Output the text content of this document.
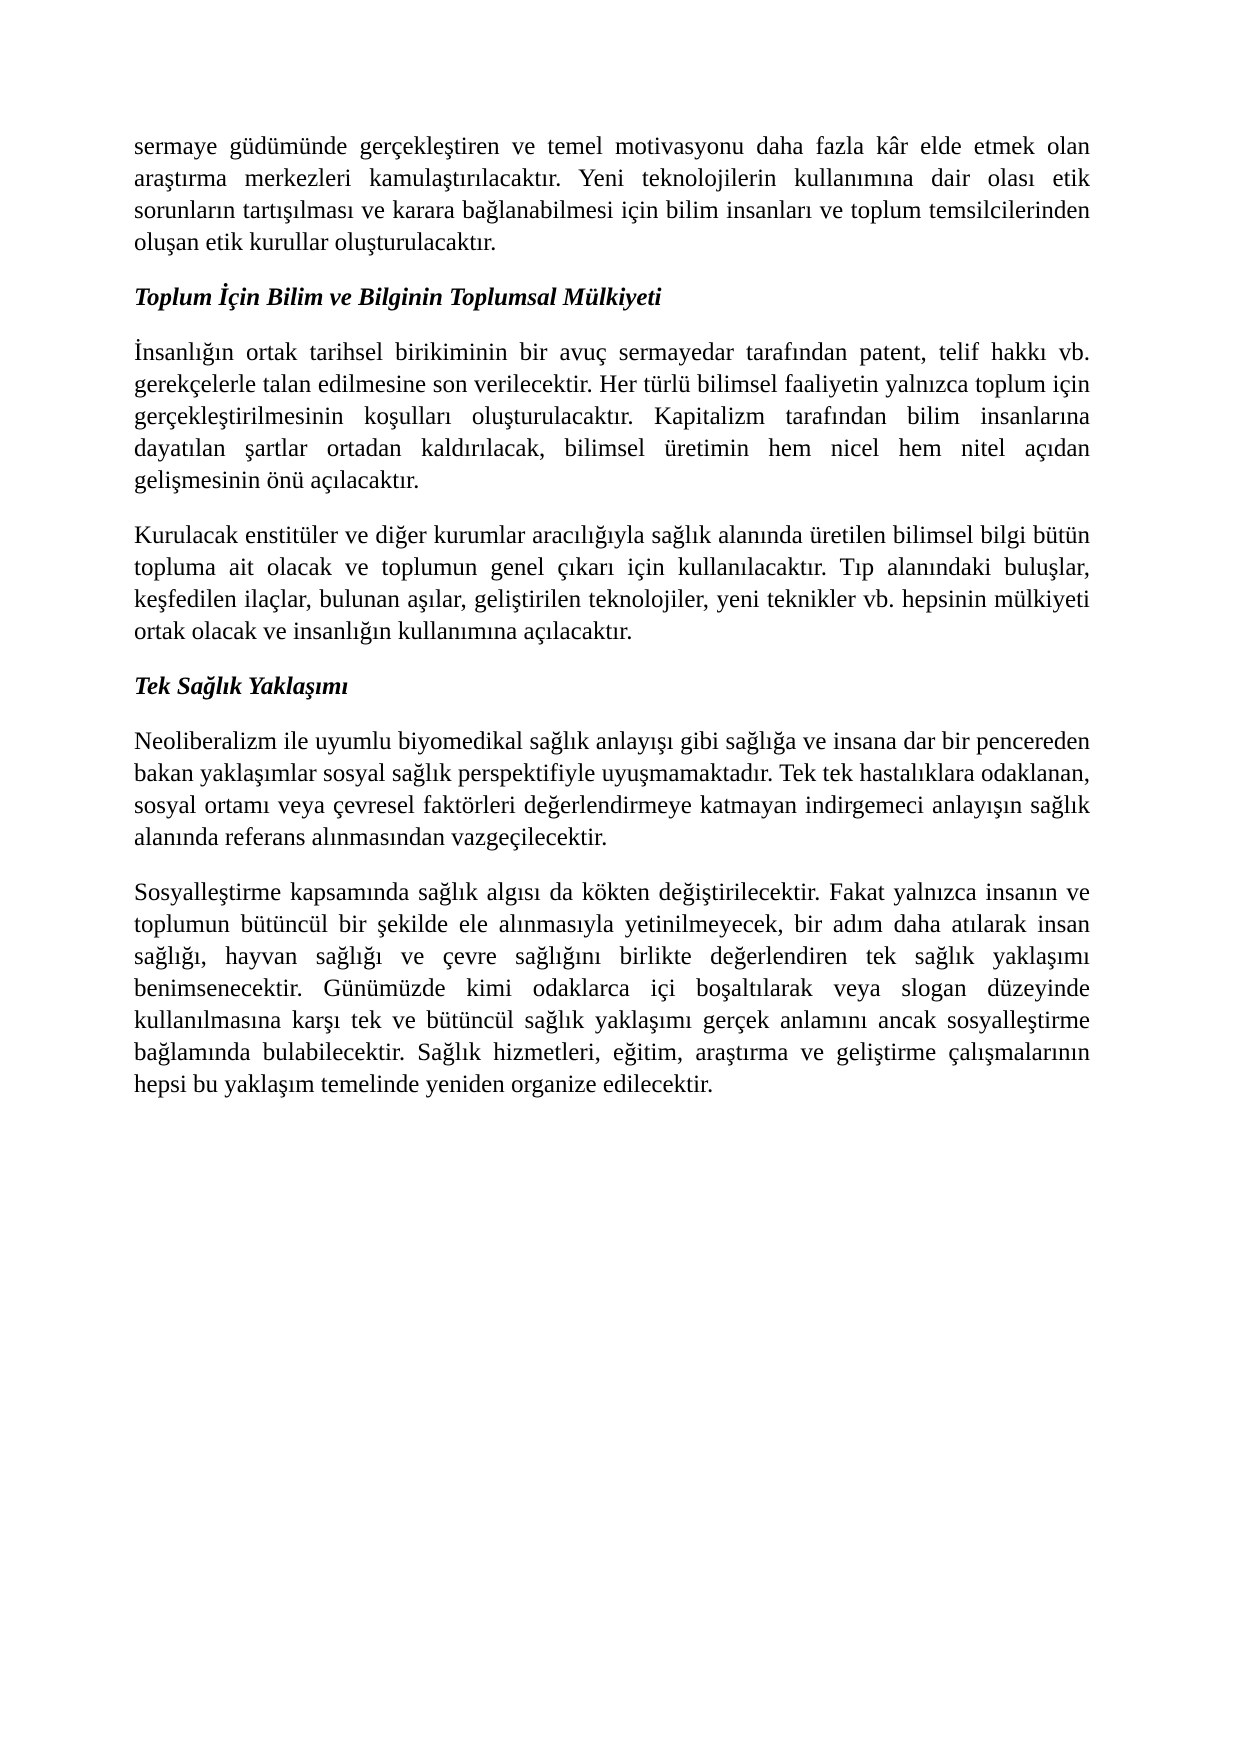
sermaye güdümünde gerçekleştiren ve temel motivasyonu daha fazla kâr elde etmek olan araştırma merkezleri kamulaştırılacaktır. Yeni teknolojilerin kullanımına dair olası etik sorunların tartışılması ve karara bağlanabilmesi için bilim insanları ve toplum temsilcilerinden oluşan etik kurullar oluşturulacaktır.

Toplum İçin Bilim ve Bilginin Toplumsal Mülkiyeti

İnsanlığın ortak tarihsel birikiminin bir avuç sermayedar tarafından patent, telif hakkı vb. gerekçelerle talan edilmesine son verilecektir. Her türlü bilimsel faaliyetin yalnızca toplum için gerçekleştirilmesinin koşulları oluşturulacaktır. Kapitalizm tarafından bilim insanlarına dayatılan şartlar ortadan kaldırılacak, bilimsel üretimin hem nicel hem nitel açıdan gelişmesinin önü açılacaktır.

Kurulacak enstitüler ve diğer kurumlar aracılığıyla sağlık alanında üretilen bilimsel bilgi bütün topluma ait olacak ve toplumun genel çıkarı için kullanılacaktır. Tıp alanındaki buluşlar, keşfedilen ilaçlar, bulunan aşılar, geliştirilen teknolojiler, yeni teknikler vb. hepsinin mülkiyeti ortak olacak ve insanlığın kullanımına açılacaktır.

Tek Sağlık Yaklaşımı

Neoliberalizm ile uyumlu biyomedikal sağlık anlayışı gibi sağlığa ve insana dar bir pencereden bakan yaklaşımlar sosyal sağlık perspektifiyle uyuşmamaktadır. Tek tek hastalıklara odaklanan, sosyal ortamı veya çevresel faktörleri değerlendirmeye katmayan indirgemeci anlayışın sağlık alanında referans alınmasından vazgeçilecektir.

Sosyalleştirme kapsamında sağlık algısı da kökten değiştirilecektir. Fakat yalnızca insanın ve toplumun bütüncül bir şekilde ele alınmasıyla yetinilmeyecek, bir adım daha atılarak insan sağlığı, hayvan sağlığı ve çevre sağlığını birlikte değerlendiren tek sağlık yaklaşımı benimsenecektir. Günümüzde kimi odaklarca içi boşaltılarak veya slogan düzeyinde kullanılmasına karşı tek ve bütüncül sağlık yaklaşımı gerçek anlamını ancak sosyalleştirme bağlamında bulabilecektir. Sağlık hizmetleri, eğitim, araştırma ve geliştirme çalışmalarının hepsi bu yaklaşım temelinde yeniden organize edilecektir.
